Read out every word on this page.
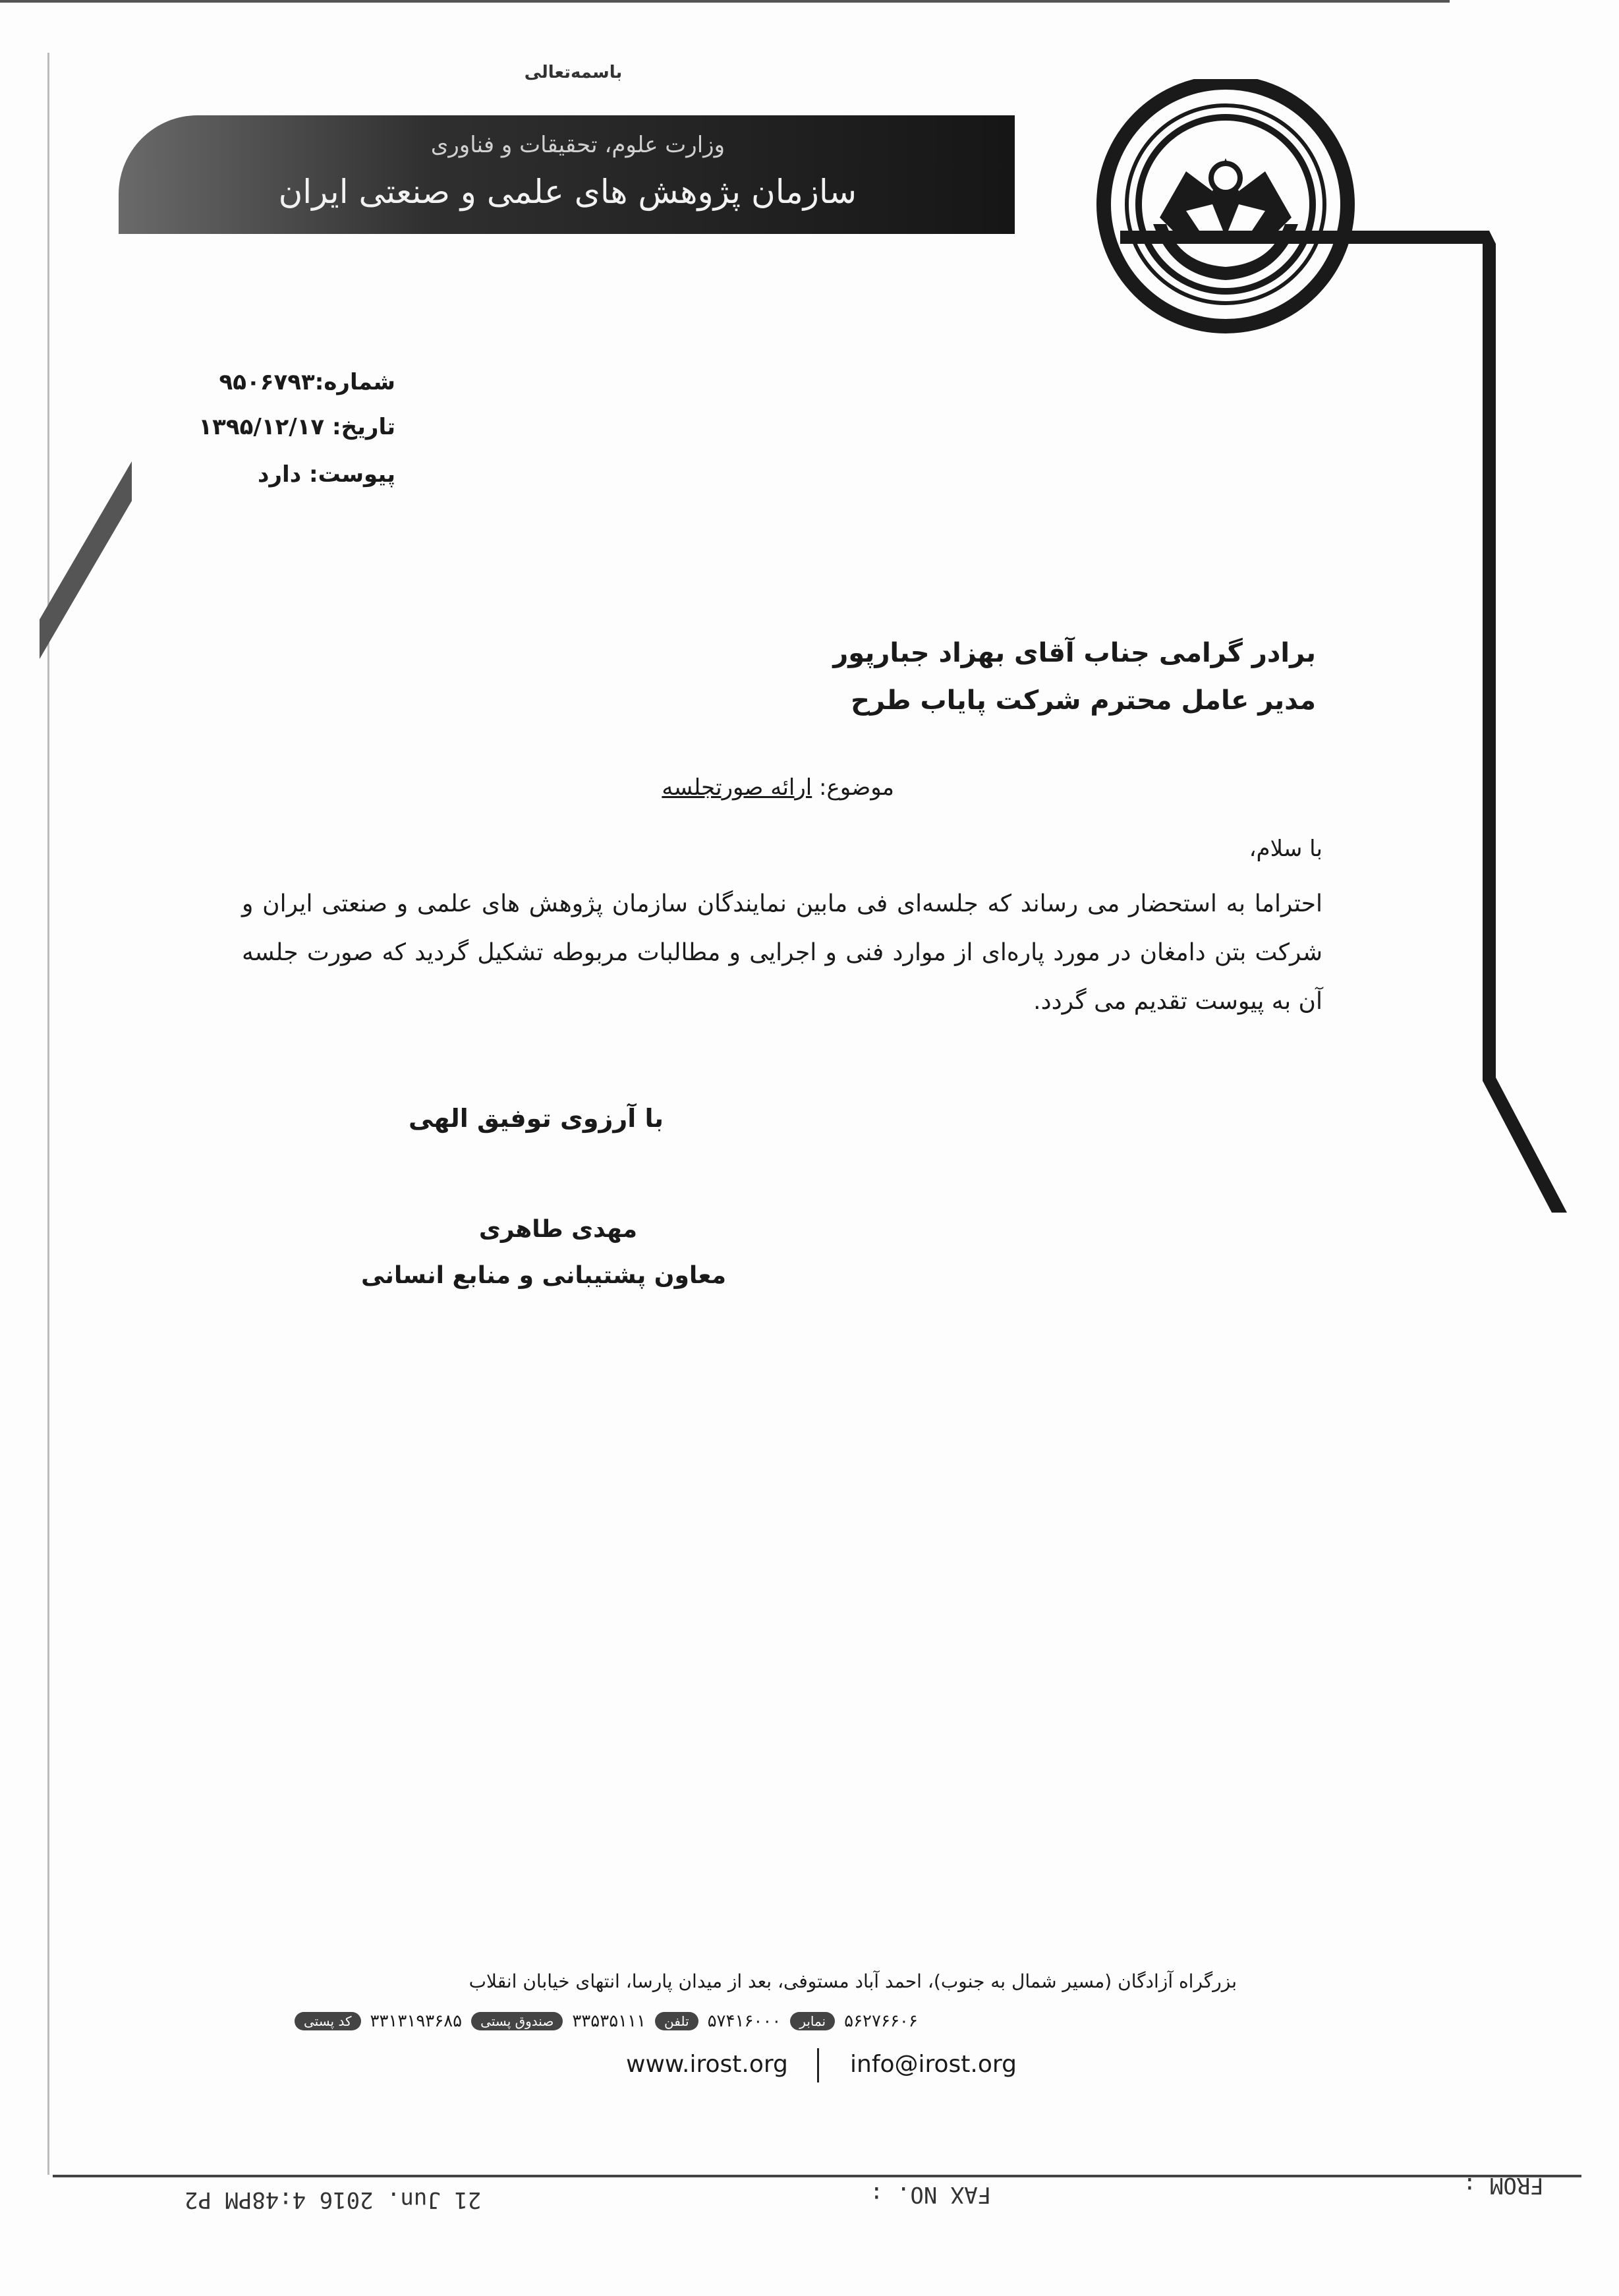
باسمه‌تعالی
وزارت علوم، تحقیقات و فناوری
سازمان پژوهش های علمی و صنعتی ایران
شماره:۹۵۰۶۷۹۳
تاریخ: ۱۳۹۵/۱۲/۱۷
پیوست: دارد
برادر گرامی جناب آقای بهزاد جبارپور
مدیر عامل محترم شرکت پایاب طرح
موضوع: ارائه صورتجلسه
با سلام،
احتراما به استحضار می رساند که جلسه‌ای فی مابین نمایندگان سازمان پژوهش های علمی و صنعتی ایران و شرکت بتن دامغان در مورد پاره‌ای از موارد فنی و اجرایی و مطالبات مربوطه تشکیل گردید که صورت جلسه آن به پیوست تقدیم می گردد.
با آرزوی توفیق الهی
مهدی طاهری
معاون پشتیبانی و منابع انسانی
بزرگراه آزادگان (مسیر شمال به جنوب)، احمد آباد مستوفی، بعد از میدان پارسا، انتهای خیابان انقلاب
کد پستی	۳۳۱۳۱۹۳۶۸۵	صندوق پستی	۳۳۵۳۵۱۱۱	تلفن	۵۷۴۱۶۰۰۰	نمابر	۵۶۲۷۶۶۰۶
www.irost.org	info@irost.org
21 Jun. 2016 4:48PM P2	FAX NO. :	FROM :
